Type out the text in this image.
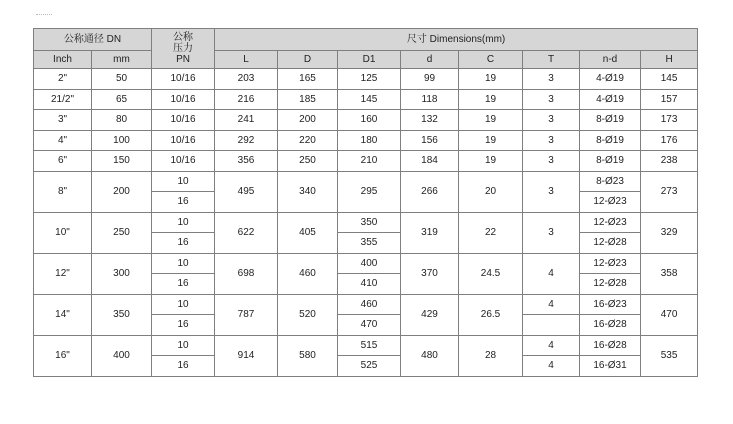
公称通径 DN		公称
压力
PN	尺寸 Dimensions(mm)							
Inch	mm		L	D	D1	d	C	T	n-d	H
2"	50	10/16	203	165	125	99	19	3	4-Ø19	145
21/2"	65	10/16	216	185	145	118	19	3	4-Ø19	157
3"	80	10/16	241	200	160	132	19	3	8-Ø19	173
4"	100	10/16	292	220	180	156	19	3	8-Ø19	176
6"	150	10/16	356	250	210	184	19	3	8-Ø19	238
8"	200	10	495	340	295	266	20	3	8-Ø23	273
		16							12-Ø23	
10"	250	10	622	405	350	319	22	3	12-Ø23	329
		16			355				12-Ø28	
12"	300	10	698	460	400	370	24.5	4	12-Ø23	358
		16			410				12-Ø28	
14"	350	10	787	520	460	429	26.5	4	16-Ø23	470
		16			470				16-Ø28	
16"	400	10	914	580	515	480	28	4	16-Ø28	535
		16			525			4	16-Ø31	
